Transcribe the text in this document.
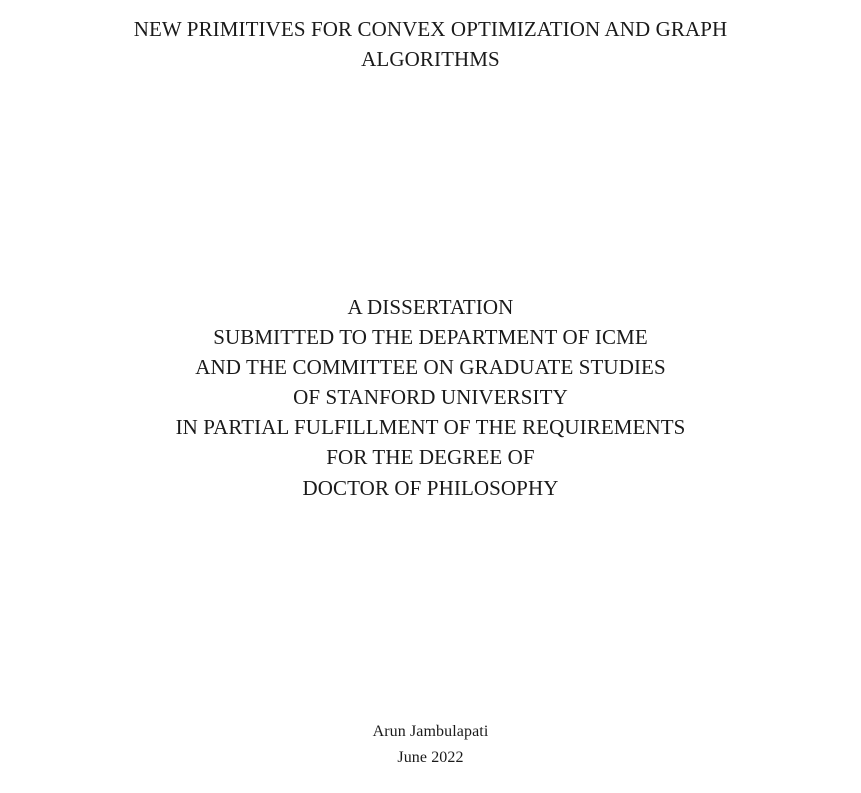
NEW PRIMITIVES FOR CONVEX OPTIMIZATION AND GRAPH
ALGORITHMS
A DISSERTATION
SUBMITTED TO THE DEPARTMENT OF ICME
AND THE COMMITTEE ON GRADUATE STUDIES
OF STANFORD UNIVERSITY
IN PARTIAL FULFILLMENT OF THE REQUIREMENTS
FOR THE DEGREE OF
DOCTOR OF PHILOSOPHY
Arun Jambulapati
June 2022
